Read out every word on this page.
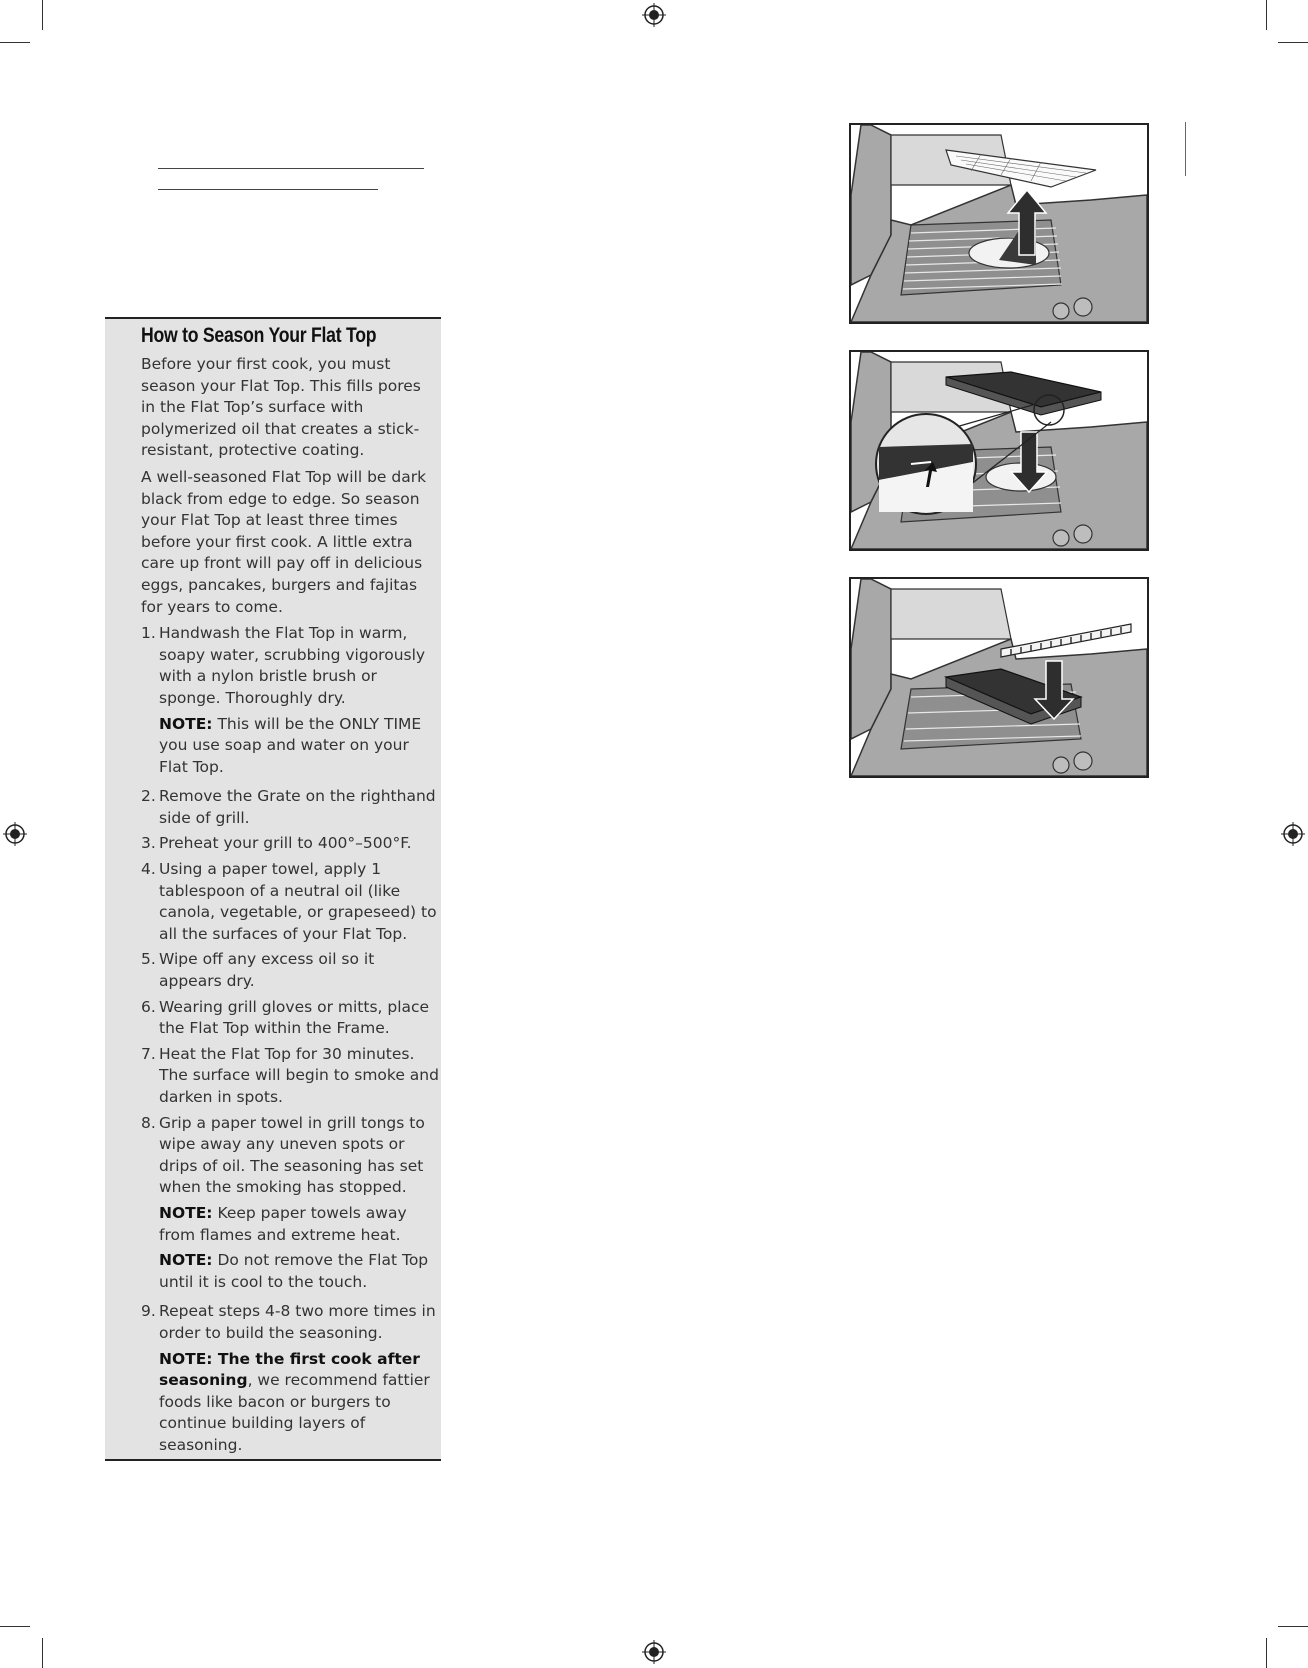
How to Season Your Flat Top

Before your first cook, you must season your Flat Top. This fills pores in the Flat Top’s surface with polymerized oil that creates a stick-resistant, protective coating.

A well-seasoned Flat Top will be dark black from edge to edge. So season your Flat Top at least three times before your first cook. A little extra care up front will pay off in delicious eggs, pancakes, burgers and fajitas for years to come.

1. Handwash the Flat Top in warm, soapy water, scrubbing vigorously with a nylon bristle brush or sponge. Thoroughly dry.
NOTE: This will be the ONLY TIME you use soap and water on your Flat Top.
2. Remove the Grate on the righthand side of grill.
3. Preheat your grill to 400°–500°F.
4. Using a paper towel, apply 1 tablespoon of a neutral oil (like canola, vegetable, or grapeseed) to all the surfaces of your Flat Top.
5. Wipe off any excess oil so it appears dry.
6. Wearing grill gloves or mitts, place the Flat Top within the Frame.
7. Heat the Flat Top for 30 minutes. The surface will begin to smoke and darken in spots.
8. Grip a paper towel in grill tongs to wipe away any uneven spots or drips of oil. The seasoning has set when the smoking has stopped.
NOTE: Keep paper towels away from flames and extreme heat.
NOTE: Do not remove the Flat Top until it is cool to the touch.
9. Repeat steps 4-8 two more times in order to build the seasoning.
NOTE: The the first cook after seasoning, we recommend fattier foods like bacon or burgers to continue building layers of seasoning.
